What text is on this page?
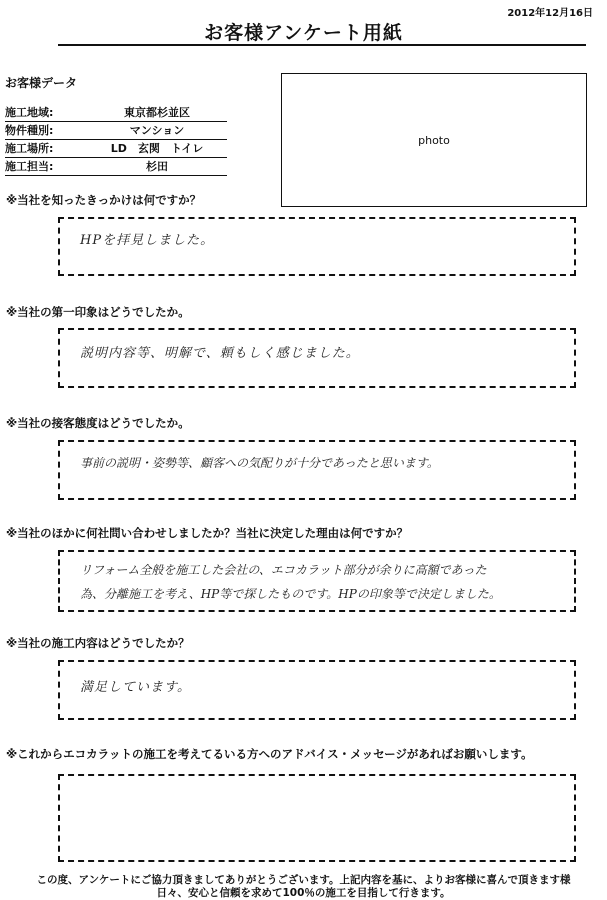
2012年12月16日
お客様アンケート用紙
お客様データ
施工地域:	東京都杉並区
物件種別:	マンション
施工場所:	LD　玄関　トイレ
施工担当:	杉田
photo
※当社を知ったきっかけは何ですか？
HPを拝見しました。
※当社の第一印象はどうでしたか。
説明内容等、明解で、頼もしく感じました。
※当社の接客態度はどうでしたか。
事前の説明・姿勢等、顧客への気配りが十分であったと思います。
※当社のほかに何社問い合わせしましたか？当社に決定した理由は何ですか？
リフォーム全般を施工した会社の、エコカラット部分が余りに高額であった
為、分離施工を考え、HP等で探したものです。HPの印象等で決定しました。
※当社の施工内容はどうでしたか？
満足しています。
※これからエコカラットの施工を考えてるいる方へのアドバイス・メッセージがあればお願いします。
この度、アンケートにご協力頂きましてありがとうございます。上記内容を基に、よりお客様に喜んで頂きます様
日々、安心と信頼を求めて100％の施工を目指して行きます。
